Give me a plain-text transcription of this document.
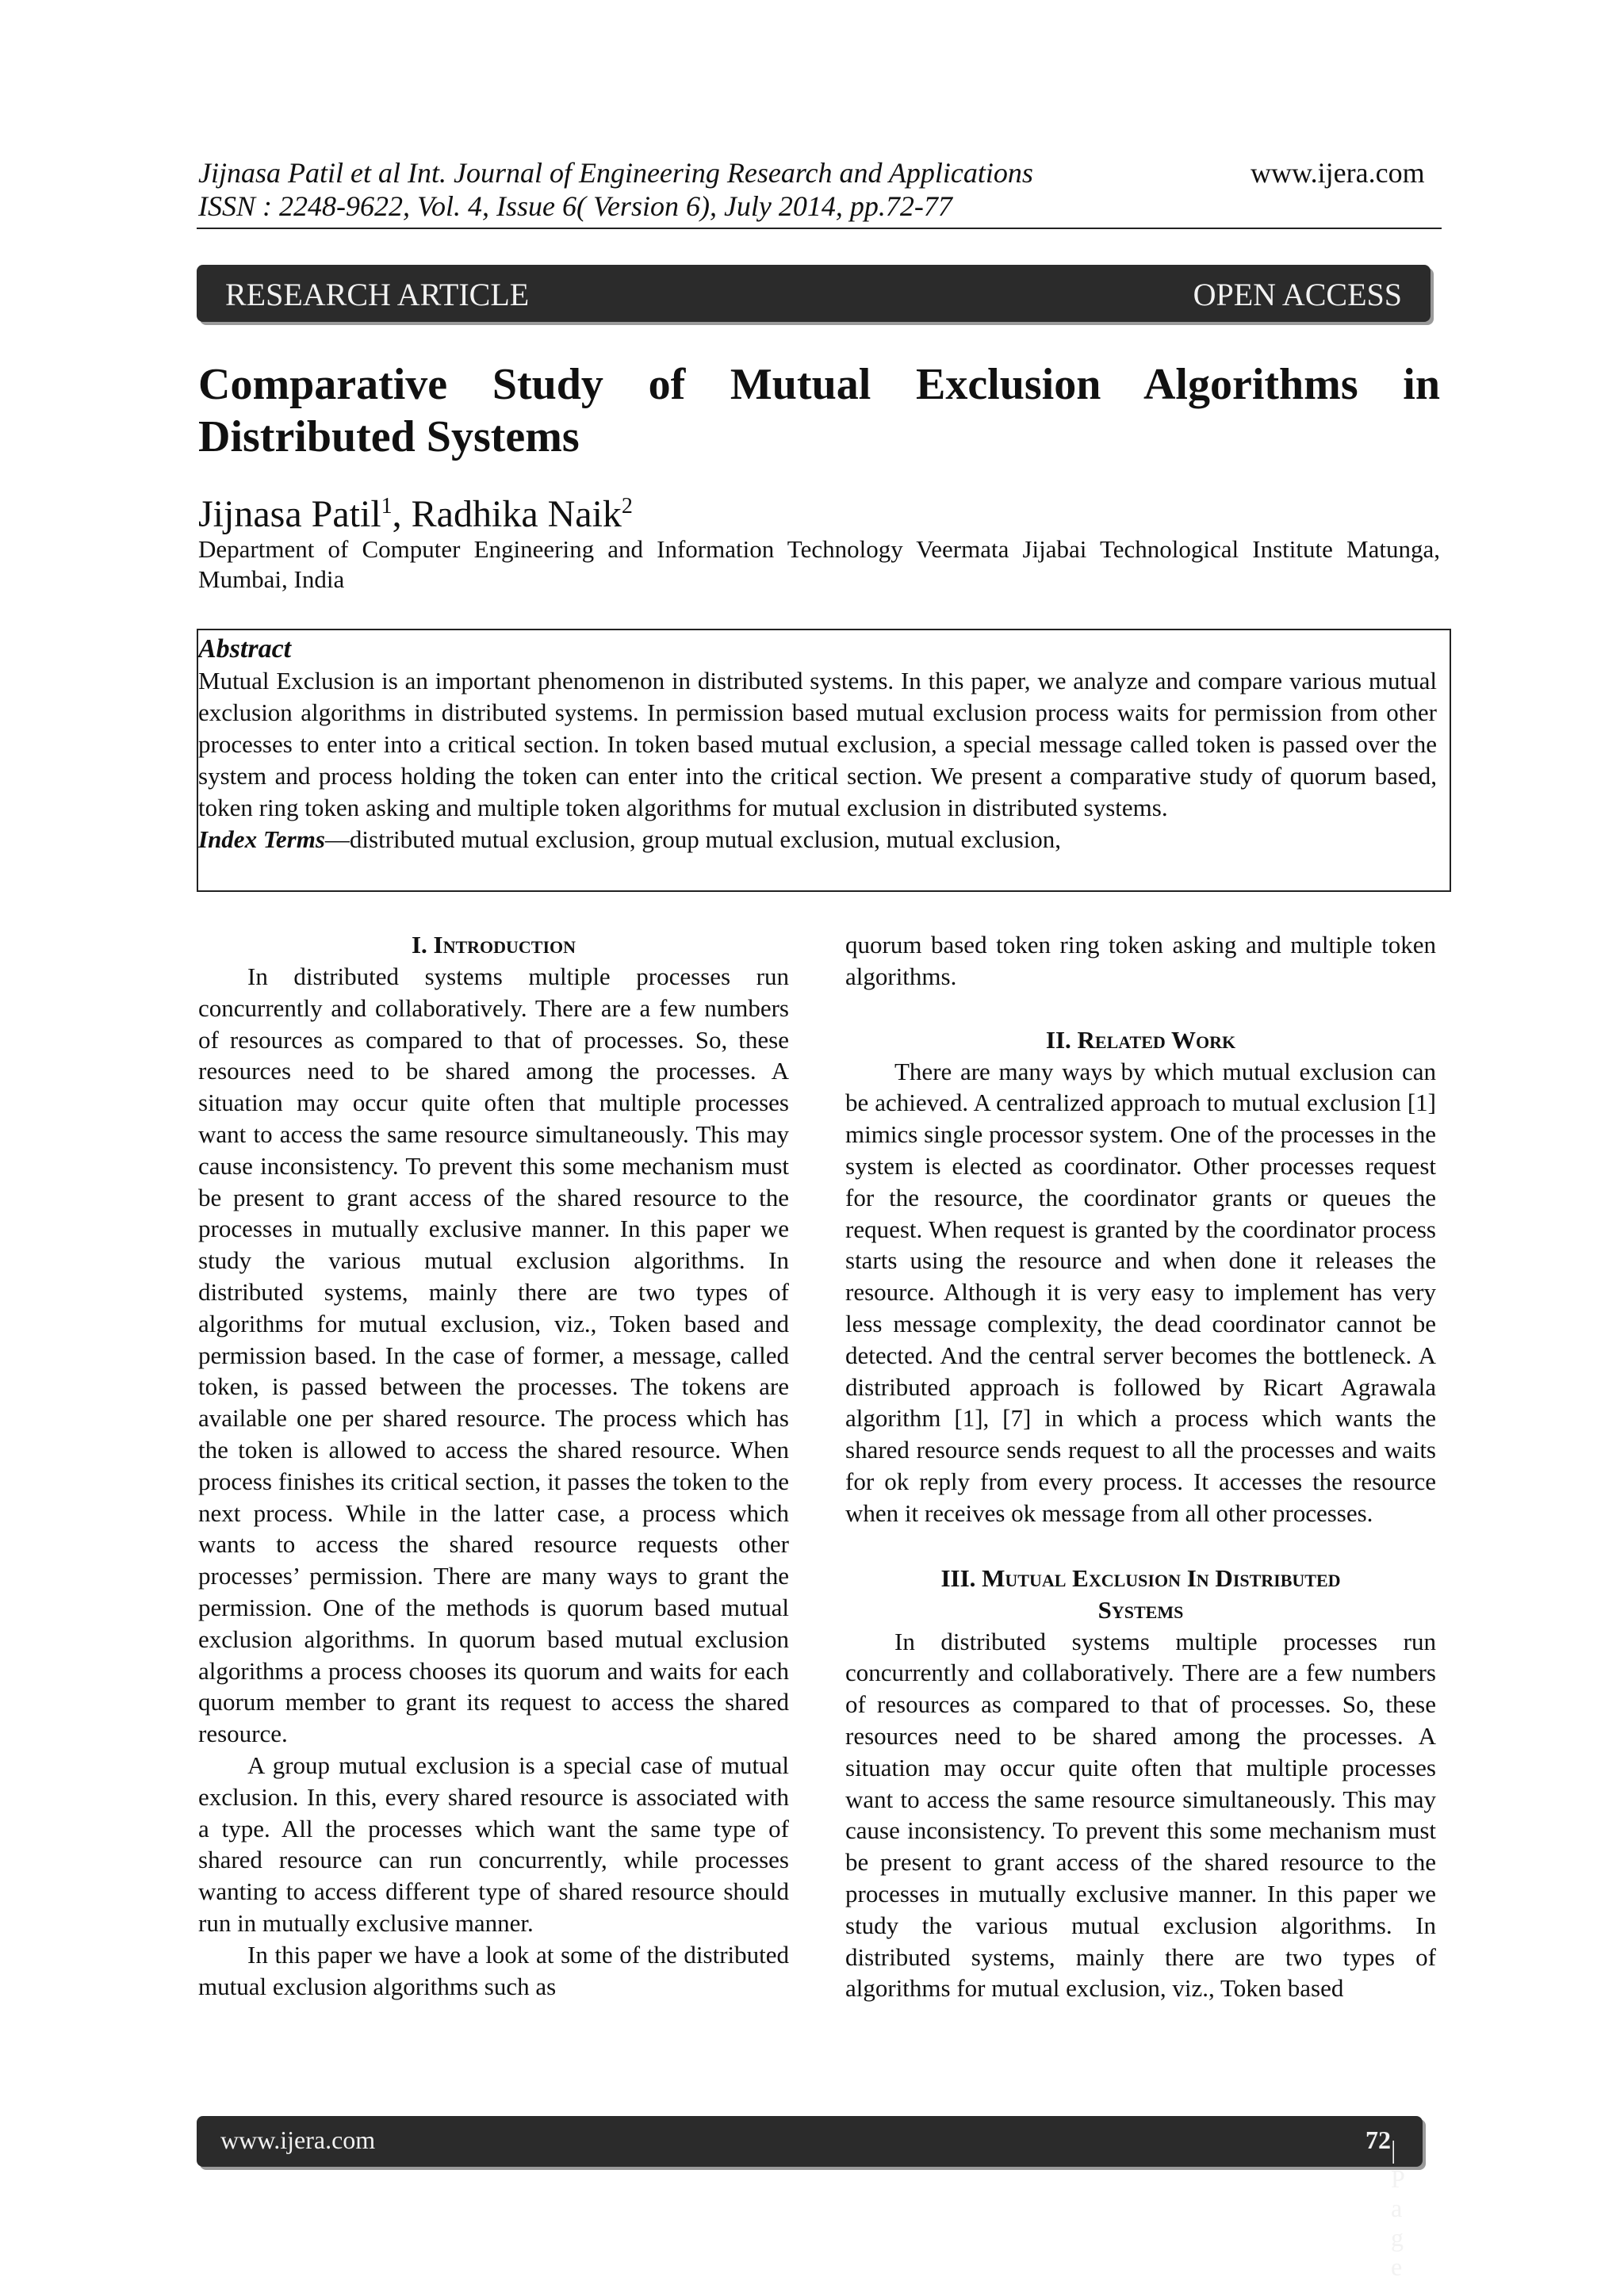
Jijnasa Patil et al Int. Journal of Engineering Research and Applications	www.ijera.com
ISSN : 2248-9622, Vol. 4, Issue 6( Version 6), July 2014, pp.72-77
RESEARCH ARTICLE	OPEN ACCESS
Comparative Study of Mutual Exclusion Algorithms in
Distributed Systems
Jijnasa Patil$^1$, Radhika Naik$^2$
Department of Computer Engineering and Information Technology Veermata Jijabai Technological Institute Matunga, Mumbai, India
Abstract
Mutual Exclusion is an important phenomenon in distributed systems. In this paper, we analyze and compare various mutual exclusion algorithms in distributed systems. In permission based mutual exclusion process waits for permission from other processes to enter into a critical section. In token based mutual exclusion, a special message called token is passed over the system and process holding the token can enter into the critical section. We present a comparative study of quorum based, token ring token asking and multiple token algorithms for mutual exclusion in distributed systems.
Index Terms—distributed mutual exclusion, group mutual exclusion, mutual exclusion,
I. Introduction

In distributed systems multiple processes run concurrently and collaboratively. There are a few numbers of resources as compared to that of processes. So, these resources need to be shared among the processes. A situation may occur quite often that multiple processes want to access the same resource simultaneously. This may cause inconsistency. To prevent this some mechanism must be present to grant access of the shared resource to the processes in mutually exclusive manner. In this paper we study the various mutual exclusion algorithms. In distributed systems, mainly there are two types of algorithms for mutual exclusion, viz., Token based and permission based. In the case of former, a message, called token, is passed between the processes. The tokens are available one per shared resource. The process which has the token is allowed to access the shared resource. When process finishes its critical section, it passes the token to the next process. While in the latter case, a process which wants to access the shared resource requests other processes’ permission. There are many ways to grant the permission. One of the methods is quorum based mutual exclusion algorithms. In quorum based mutual exclusion algorithms a process chooses its quorum and waits for each quorum member to grant its request to access the shared resource.

A group mutual exclusion is a special case of mutual exclusion. In this, every shared resource is associated with a type. All the processes which want the same type of shared resource can run concurrently, while processes wanting to access different type of shared resource should run in mutually exclusive manner.

In this paper we have a look at some of the distributed mutual exclusion algorithms such as

quorum based token ring token asking and multiple token algorithms.

II. Related Work

There are many ways by which mutual exclusion can be achieved. A centralized approach to mutual exclusion [1] mimics single processor system. One of the processes in the system is elected as coordinator. Other processes request for the resource, the coordinator grants or queues the request. When request is granted by the coordinator process starts using the resource and when done it releases the resource. Although it is very easy to implement has very less message complexity, the dead coordinator cannot be detected. And the central server becomes the bottleneck. A distributed approach is followed by Ricart Agrawala algorithm [1], [7] in which a process which wants the shared resource sends request to all the processes and waits for ok reply from every process. It accesses the resource when it receives ok message from all other processes.

III. Mutual Exclusion In Distributed
Systems

In distributed systems multiple processes run concurrently and collaboratively. There are a few numbers of resources as compared to that of processes. So, these resources need to be shared among the processes. A situation may occur quite often that multiple processes want to access the same resource simultaneously. This may cause inconsistency. To prevent this some mechanism must be present to grant access of the shared resource to the processes in mutually exclusive manner. In this paper we study the various mutual exclusion algorithms. In distributed systems, mainly there are two types of algorithms for mutual exclusion, viz., Token based

www.ijera.com	72 | P a g e
